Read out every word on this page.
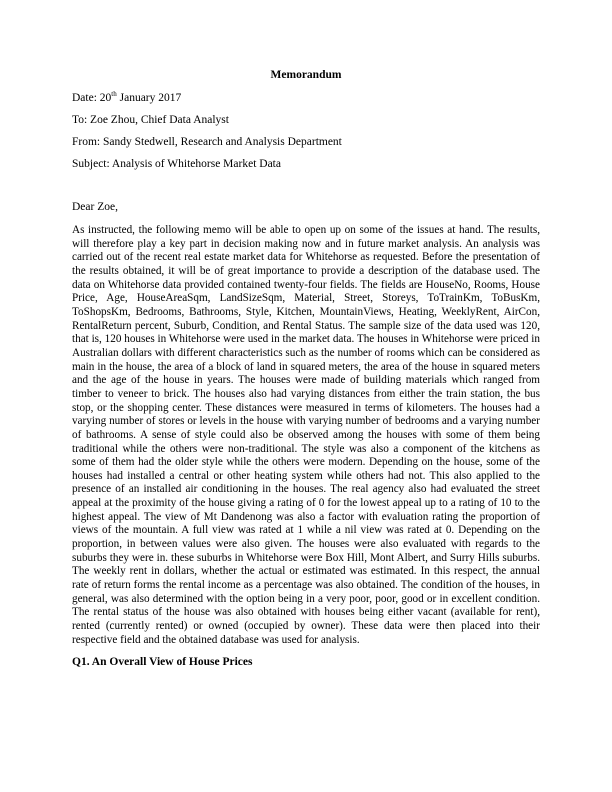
Memorandum

Date: 20th January 2017

To: Zoe Zhou, Chief Data Analyst

From: Sandy Stedwell, Research and Analysis Department

Subject: Analysis of Whitehorse Market Data

Dear Zoe,

As instructed, the following memo will be able to open up on some of the issues at hand. The results, will therefore play a key part in decision making now and in future market analysis. An analysis was carried out of the recent real estate market data for Whitehorse as requested. Before the presentation of the results obtained, it will be of great importance to provide a description of the database used. The data on Whitehorse data provided contained twenty-four fields. The fields are HouseNo, Rooms, House Price, Age, HouseAreaSqm, LandSizeSqm, Material, Street, Storeys, ToTrainKm, ToBusKm, ToShopsKm, Bedrooms, Bathrooms, Style, Kitchen, MountainViews, Heating, WeeklyRent, AirCon, RentalReturn percent, Suburb, Condition, and Rental Status. The sample size of the data used was 120, that is, 120 houses in Whitehorse were used in the market data. The houses in Whitehorse were priced in Australian dollars with different characteristics such as the number of rooms which can be considered as main in the house, the area of a block of land in squared meters, the area of the house in squared meters and the age of the house in years. The houses were made of building materials which ranged from timber to veneer to brick. The houses also had varying distances from either the train station, the bus stop, or the shopping center. These distances were measured in terms of kilometers. The houses had a varying number of stores or levels in the house with varying number of bedrooms and a varying number of bathrooms. A sense of style could also be observed among the houses with some of them being traditional while the others were non-traditional. The style was also a component of the kitchens as some of them had the older style while the others were modern. Depending on the house, some of the houses had installed a central or other heating system while others had not. This also applied to the presence of an installed air conditioning in the houses. The real agency also had evaluated the street appeal at the proximity of the house giving a rating of 0 for the lowest appeal up to a rating of 10 to the highest appeal. The view of Mt Dandenong was also a factor with evaluation rating the proportion of views of the mountain. A full view was rated at 1 while a nil view was rated at 0. Depending on the proportion, in between values were also given. The houses were also evaluated with regards to the suburbs they were in. these suburbs in Whitehorse were Box Hill, Mont Albert, and Surry Hills suburbs. The weekly rent in dollars, whether the actual or estimated was estimated. In this respect, the annual rate of return forms the rental income as a percentage was also obtained. The condition of the houses, in general, was also determined with the option being in a very poor, poor, good or in excellent condition. The rental status of the house was also obtained with houses being either vacant (available for rent), rented (currently rented) or owned (occupied by owner). These data were then placed into their respective field and the obtained database was used for analysis.

Q1. An Overall View of House Prices
